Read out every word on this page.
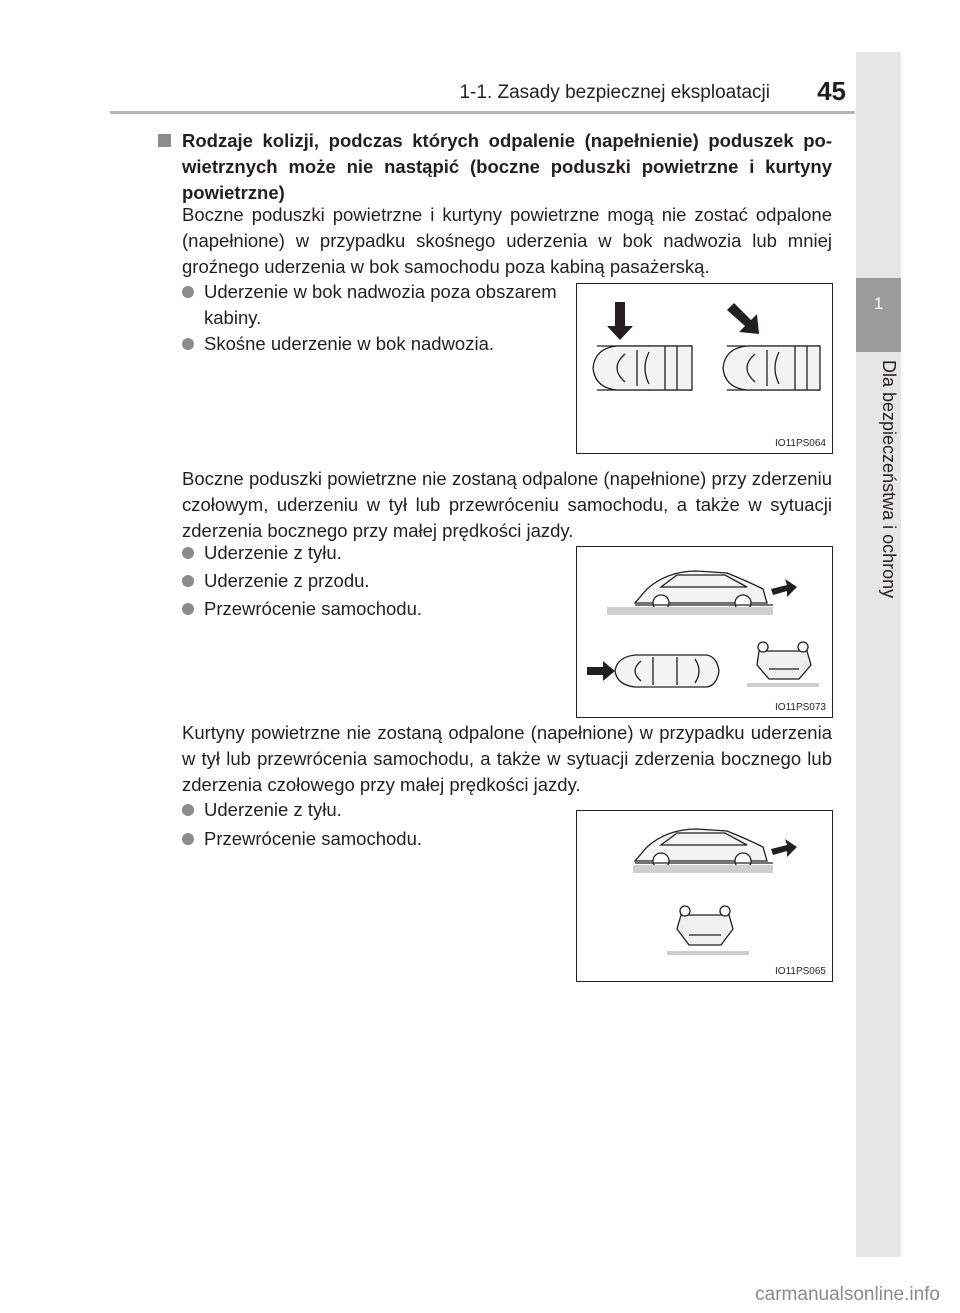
1-1. Zasady bezpiecznej eksploatacji	45
1
Dla bezpieczeństwa i ochrony
Rodzaje kolizji, podczas których odpalenie (napełnienie) poduszek po-wietrznych może nie nastąpić (boczne poduszki powietrzne i kurtyny powietrzne)
Boczne poduszki powietrzne i kurtyny powietrzne mogą nie zostać odpalone (napełnione) w przypadku skośnego uderzenia w bok nadwozia lub mniej groźnego uderzenia w bok samochodu poza kabiną pasażerską.
Uderzenie w bok nadwozia poza obszarem kabiny.
Skośne uderzenie w bok nadwozia.
IO11PS064
Boczne poduszki powietrzne nie zostaną odpalone (napełnione) przy zderzeniu czołowym, uderzeniu w tył lub przewróceniu samochodu, a także w sytuacji zderzenia bocznego przy małej prędkości jazdy.
Uderzenie z tyłu.
Uderzenie z przodu.
Przewrócenie samochodu.
IO11PS073
Kurtyny powietrzne nie zostaną odpalone (napełnione) w przypadku uderzenia w tył lub przewrócenia samochodu, a także w sytuacji zderzenia bocznego lub zderzenia czołowego przy małej prędkości jazdy.
Uderzenie z tyłu.
Przewrócenie samochodu.
IO11PS065
carmanualsonline.info
